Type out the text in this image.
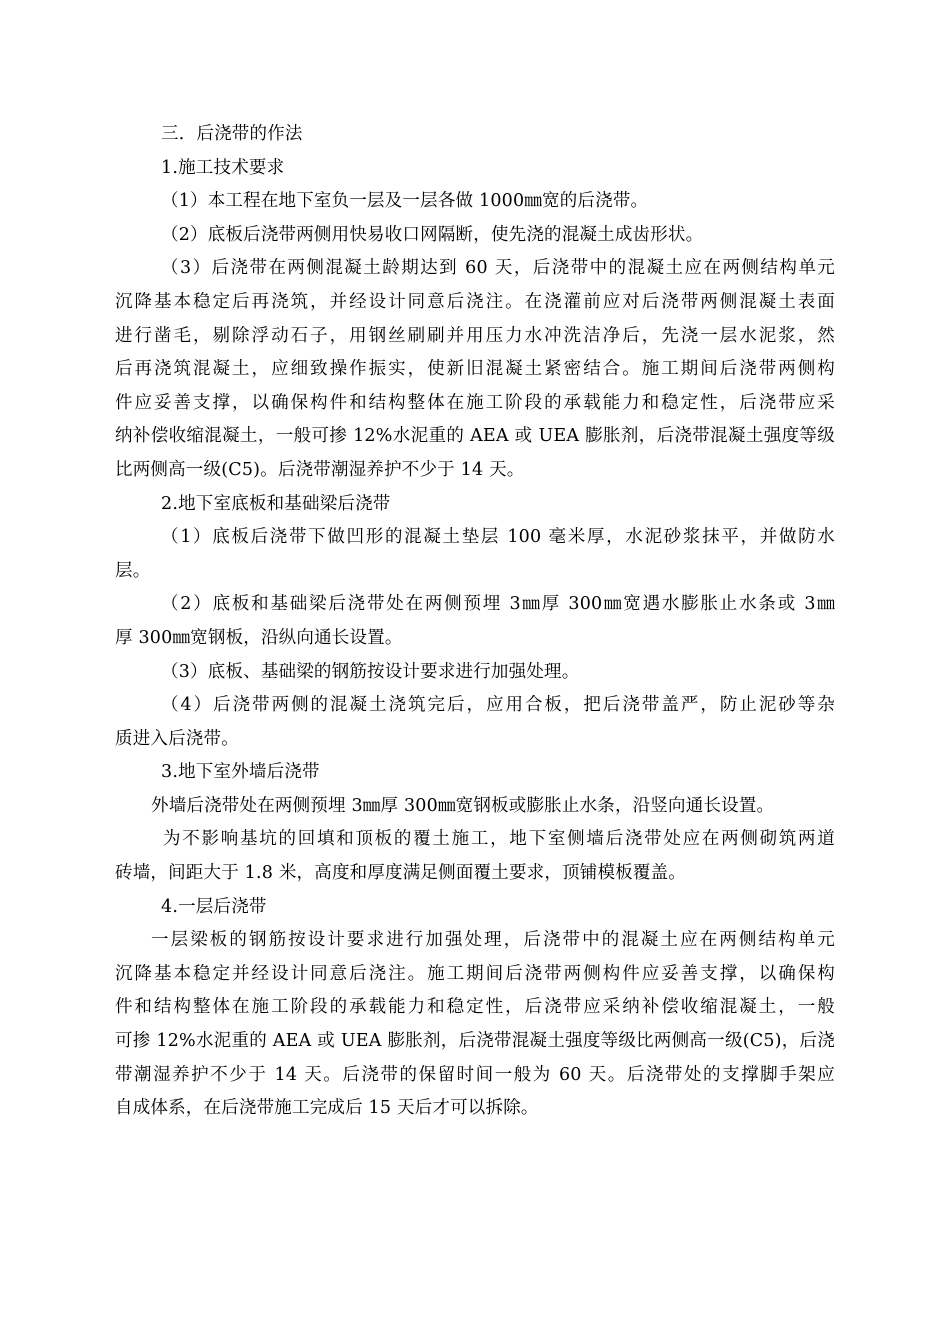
三．后浇带的作法
1.施工技术要求
（1）本工程在地下室负一层及一层各做 1000㎜宽的后浇带。
（2）底板后浇带两侧用快易收口网隔断，使先浇的混凝土成齿形状。
（3）后浇带在两侧混凝土龄期达到 60 天，后浇带中的混凝土应在两侧结构单元
沉降基本稳定后再浇筑，并经设计同意后浇注。在浇灌前应对后浇带两侧混凝土表面
进行凿毛，剔除浮动石子，用钢丝刷刷并用压力水冲洗洁净后，先浇一层水泥浆，然
后再浇筑混凝土，应细致操作振实，使新旧混凝土紧密结合。施工期间后浇带两侧构
件应妥善支撑，以确保构件和结构整体在施工阶段的承载能力和稳定性，后浇带应采
纳补偿收缩混凝土，一般可掺 12%水泥重的 AEA 或 UEA 膨胀剂，后浇带混凝土强度等级
比两侧高一级(C5)。后浇带潮湿养护不少于 14 天。
2.地下室底板和基础梁后浇带
（1）底板后浇带下做凹形的混凝土垫层 100 毫米厚，水泥砂浆抹平，并做防水
层。
（2）底板和基础梁后浇带处在两侧预埋 3㎜厚 300㎜宽遇水膨胀止水条或 3㎜
厚 300㎜宽钢板，沿纵向通长设置。
（3）底板、基础梁的钢筋按设计要求进行加强处理。
（4）后浇带两侧的混凝土浇筑完后，应用合板，把后浇带盖严，防止泥砂等杂
质进入后浇带。
3.地下室外墙后浇带
外墙后浇带处在两侧预埋 3㎜厚 300㎜宽钢板或膨胀止水条，沿竖向通长设置。
为不影响基坑的回填和顶板的覆土施工，地下室侧墙后浇带处应在两侧砌筑两道
砖墙，间距大于 1.8 米，高度和厚度满足侧面覆土要求，顶铺模板覆盖。
4.一层后浇带
一层梁板的钢筋按设计要求进行加强处理，后浇带中的混凝土应在两侧结构单元
沉降基本稳定并经设计同意后浇注。施工期间后浇带两侧构件应妥善支撑，以确保构
件和结构整体在施工阶段的承载能力和稳定性，后浇带应采纳补偿收缩混凝土，一般
可掺 12%水泥重的 AEA 或 UEA 膨胀剂，后浇带混凝土强度等级比两侧高一级(C5)，后浇
带潮湿养护不少于 14 天。后浇带的保留时间一般为 60 天。后浇带处的支撑脚手架应
自成体系，在后浇带施工完成后 15 天后才可以拆除。
